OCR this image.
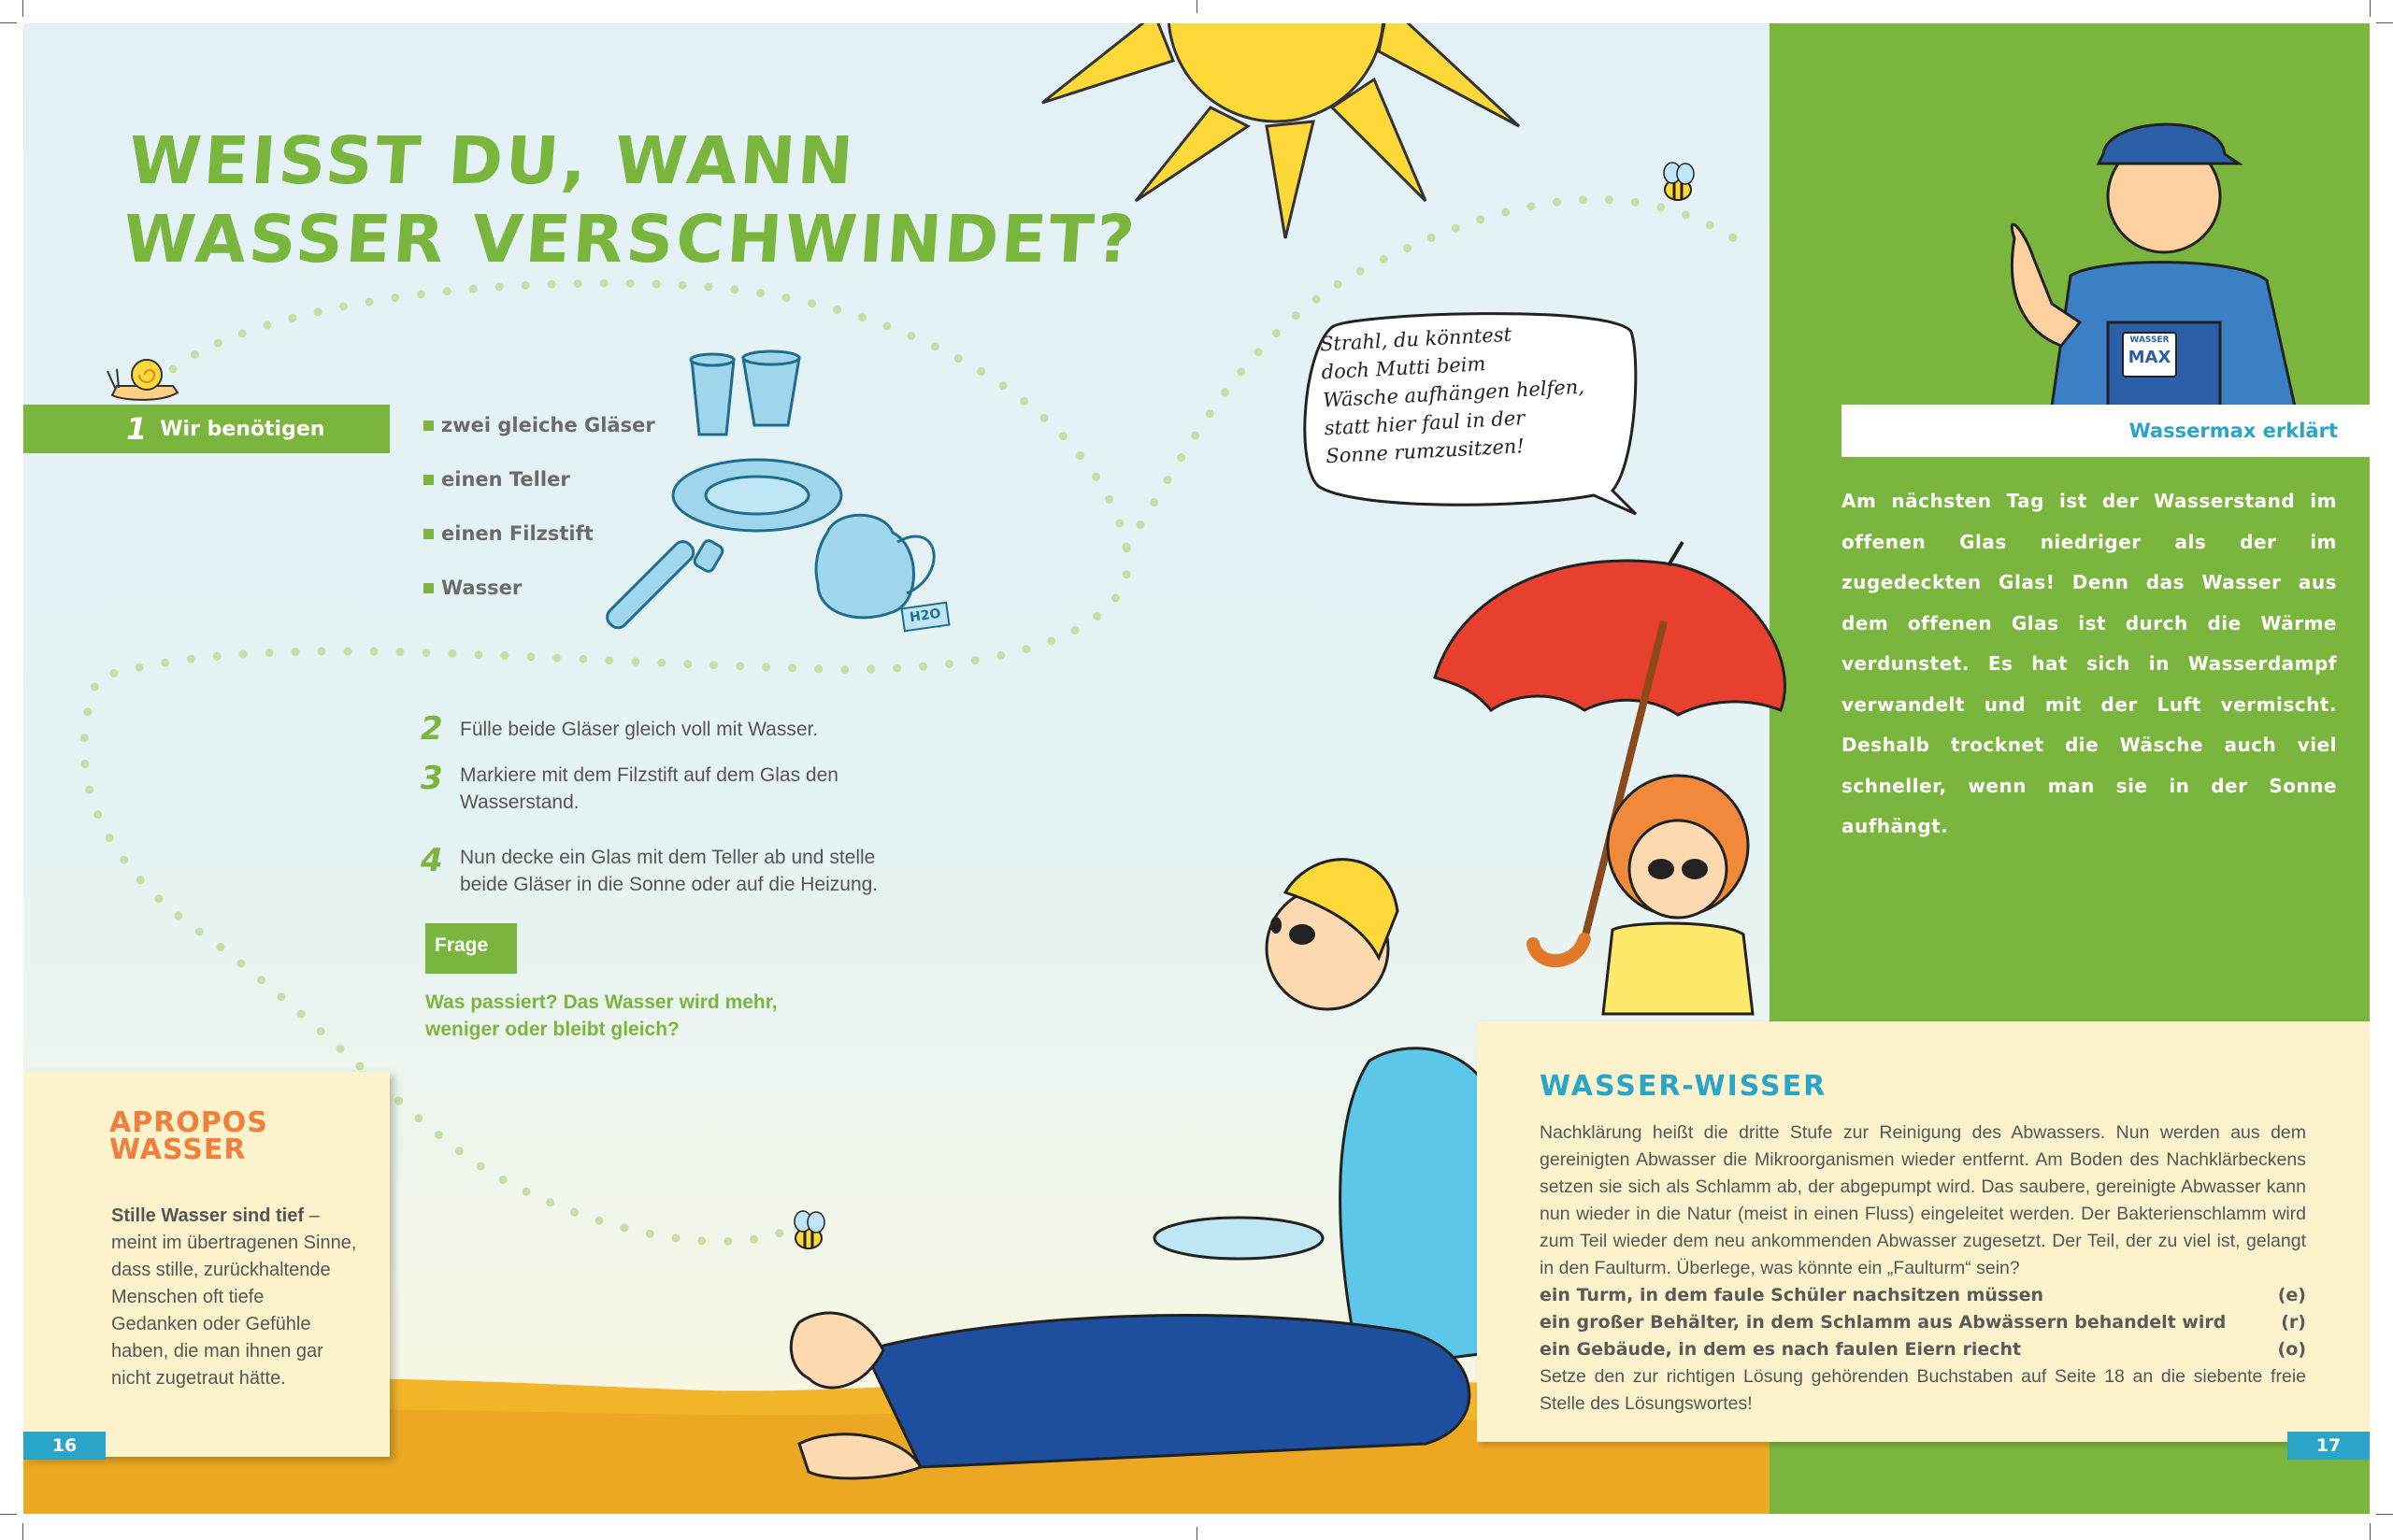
WEISST DU, WANN
WASSER VERSCHWINDET?
1 Wir benötigen	zwei gleiche Gläser
einen Teller
einen Filzstift
Wasser
H2O
2 Fülle beide Gläser gleich voll mit Wasser.
3 Markiere mit dem Filzstift auf dem Glas den
Wasserstand.
4 Nun decke ein Glas mit dem Teller ab und stelle
beide Gläser in die Sonne oder auf die Heizung.
Frage
Was passiert? Das Wasser wird mehr,
weniger oder bleibt gleich?
Strahl, du könntest
doch Mutti beim
Wäsche aufhängen helfen,
statt hier faul in der
Sonne rumzusitzen!
APROPOS
WASSER
Stille Wasser sind tief –
meint im übertragenen Sinne,
dass stille, zurückhaltende
Menschen oft tiefe
Gedanken oder Gefühle
haben, die man ihnen gar
nicht zugetraut hätte.
WASSER
MAX
Wassermax erklärt
Am nächsten Tag ist der Wasserstand im offenen Glas niedriger als der im zugedeckten Glas! Denn das Wasser aus dem offenen Glas ist durch die Wärme verdunstet. Es hat sich in Wasserdampf verwandelt und mit der Luft vermischt. Deshalb trocknet die Wäsche auch viel schneller, wenn man sie in der Sonne aufhängt.
WASSER-WISSER
Nachklärung heißt die dritte Stufe zur Reinigung des Abwassers. Nun werden aus dem gereinigten Abwasser die Mikroorganismen wieder entfernt. Am Boden des Nachklärbeckens setzen sie sich als Schlamm ab, der abgepumpt wird. Das saubere, gereinigte Abwasser kann nun wieder in die Natur (meist in einen Fluss) eingeleitet werden. Der Bakterienschlamm wird zum Teil wieder dem neu ankommenden Abwasser zugesetzt. Der Teil, der zu viel ist, gelangt in den Faulturm. Überlege, was könnte ein „Faulturm“ sein?
ein Turm, in dem faule Schüler nachsitzen müssen	(e)
ein großer Behälter, in dem Schlamm aus Abwässern behandelt wird	(r)
ein Gebäude, in dem es nach faulen Eiern riecht	(o)
Setze den zur richtigen Lösung gehörenden Buchstaben auf Seite 18 an die siebente freie Stelle des Lösungswortes!
16	17
